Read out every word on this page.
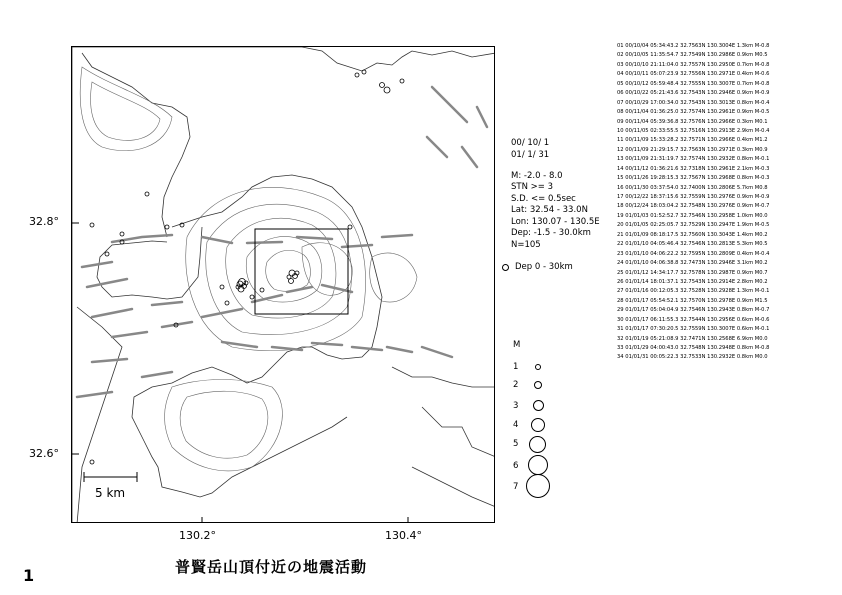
5 km
130.2°	130.4°
32.8°
32.6°
00/ 10/ 1
01/ 1/ 31
M: -2.0 - 8.0
STN >= 3
S.D. <= 0.5sec
Lat: 32.54 - 33.0N
Lon: 130.07 - 130.5E
Dep: -1.5 - 30.0km
N=105
Dep 0 - 30km
M
1
2
3
4
5
6
7
01 00/10/04 05:34:43.2 32.7563N 130.3004E 1.3km M-0.8
02 00/10/05 11:35:54.7 32.7549N 130.2986E 0.9km M0.5
03 00/10/10 21:11:04.0 32.7557N 130.2950E 0.7km M-0.8
04 00/10/11 05:07:23.9 32.7556N 130.2971E 0.4km M-0.6
05 00/10/12 05:59:48.4 32.7555N 130.3007E 0.7km M-0.8
06 00/10/22 05:21:43.6 32.7543N 130.2946E 0.9km M-0.9
07 00/10/29 17:00:34.0 32.7543N 130.3013E 0.8km M-0.4
08 00/11/04 01:36:25.0 32.7574N 130.2961E 0.9km M-0.5
09 00/11/04 05:39:36.8 32.7576N 130.2966E 0.3km M0.1
10 00/11/05 02:33:55.5 32.7516N 130.2913E 2.9km M-0.4
11 00/11/09 15:33:28.2 32.7571N 130.2966E 0.4km M1.2
12 00/11/09 21:29:15.7 32.7563N 130.2971E 0.3km M0.9
13 00/11/09 21:31:19.7 32.7574N 130.2932E 0.8km M-0.1
14 00/11/12 01:36:21.6 32.7318N 130.2961E 2.1km M-0.3
15 00/11/26 19:28:15.3 32.7567N 130.2968E 0.8km M-0.3
16 00/11/30 03:37:54.0 32.7400N 130.2806E 5.7km M0.8
17 00/12/22 18:37:15.6 32.7559N 130.2976E 0.9km M-0.9
18 00/12/24 18:03:04.2 32.7548N 130.2976E 0.9km M-0.7
19 01/01/03 01:52:52.7 32.7546N 130.2958E 1.0km M0.0
20 01/01/05 02:25:05.7 32.7529N 130.2947E 1.9km M-0.5
21 01/01/09 08:18:17.5 32.7560N 130.3043E 1.4km M0.2
22 01/01/10 04:05:46.4 32.7546N 130.2813E 5.3km M0.5
23 01/01/10 04:06:22.2 32.7595N 130.2809E 0.4km M-0.4
24 01/01/10 04:06:38.8 32.7473N 130.2946E 3.1km M0.2
25 01/01/12 14:34:17.7 32.7578N 130.2987E 0.9km M0.7
26 01/01/14 18:01:37.1 32.7543N 130.2914E 2.8km M0.2
27 01/01/16 00:12:05.3 32.7528N 130.2928E 1.3km M-0.1
28 01/01/17 05:54:52.1 32.7570N 130.2978E 0.9km M1.5
29 01/01/17 05:04:04.9 32.7546N 130.2943E 0.8km M-0.7
30 01/01/17 06:11:55.3 32.7544N 130.2956E 0.6km M-0.6
31 01/01/17 07:30:20.5 32.7559N 130.3007E 0.6km M-0.1
32 01/01/19 05:21:08.9 32.7471N 130.2568E 6.9km M0.0
33 01/01/29 04:00:43.0 32.7548N 130.2948E 0.8km M-0.8
34 01/01/31 00:05:22.3 32.7533N 130.2932E 0.8km M0.0
普賢岳山頂付近の地震活動
1
